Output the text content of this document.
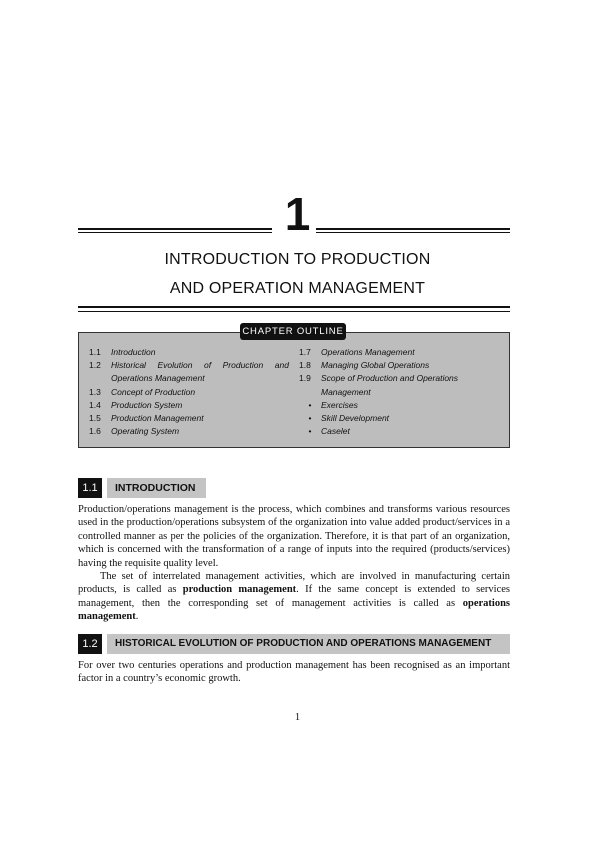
1
INTRODUCTION TO PRODUCTION
AND OPERATION MANAGEMENT
CHAPTER OUTLINE
1.1	Introduction
1.2	Historical Evolution of Production and Operations Management
1.3	Concept of Production
1.4	Production System
1.5	Production Management
1.6	Operating System
1.7	Operations Management
1.8	Managing Global Operations
1.9	Scope of Production and Operations Management
•	Exercises
•	Skill Development
•	Caselet
1.1	INTRODUCTION

Production/operations management is the process, which combines and transforms various resources used in the production/operations subsystem of the organization into value added product/services in a controlled manner as per the policies of the organization. Therefore, it is that part of an organization, which is concerned with the transformation of a range of inputs into the required (products/services) having the requisite quality level.

The set of interrelated management activities, which are involved in manufacturing certain products, is called as production management. If the same concept is extended to services management, then the corresponding set of management activities is called as operations management.

1.2	HISTORICAL EVOLUTION OF PRODUCTION AND OPERATIONS MANAGEMENT

For over two centuries operations and production management has been recognised as an important factor in a country’s economic growth.

1
